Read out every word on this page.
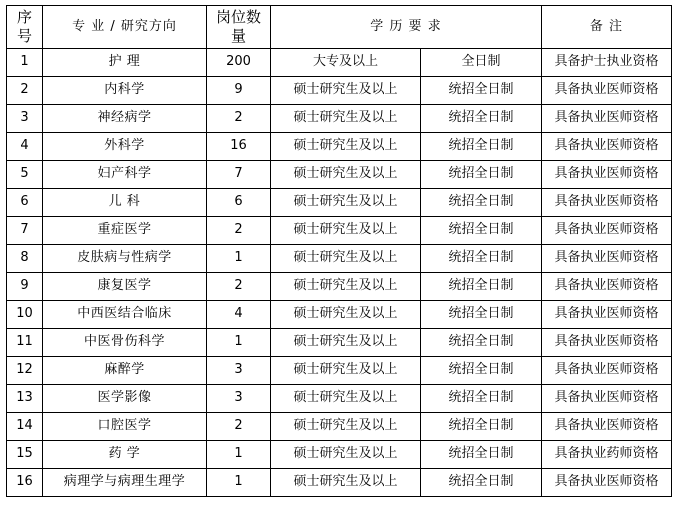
序
号
	专 业 / 研究方向	岗位数
量
	学 历 要 求	备 注
1	护 理	200	大专及以上	全日制	具备护士执业资格
2	内科学	9	硕士研究生及以上	统招全日制	具备执业医师资格
3	神经病学	2	硕士研究生及以上	统招全日制	具备执业医师资格
4	外科学	16	硕士研究生及以上	统招全日制	具备执业医师资格
5	妇产科学	7	硕士研究生及以上	统招全日制	具备执业医师资格
6	儿 科	6	硕士研究生及以上	统招全日制	具备执业医师资格
7	重症医学	2	硕士研究生及以上	统招全日制	具备执业医师资格
8	皮肤病与性病学	1	硕士研究生及以上	统招全日制	具备执业医师资格
9	康复医学	2	硕士研究生及以上	统招全日制	具备执业医师资格
10	中西医结合临床	4	硕士研究生及以上	统招全日制	具备执业医师资格
11	中医骨伤科学	1	硕士研究生及以上	统招全日制	具备执业医师资格
12	麻醉学	3	硕士研究生及以上	统招全日制	具备执业医师资格
13	医学影像	3	硕士研究生及以上	统招全日制	具备执业医师资格
14	口腔医学	2	硕士研究生及以上	统招全日制	具备执业医师资格
15	药 学	1	硕士研究生及以上	统招全日制	具备执业药师资格
16	病理学与病理生理学	1	硕士研究生及以上	统招全日制	具备执业医师资格
